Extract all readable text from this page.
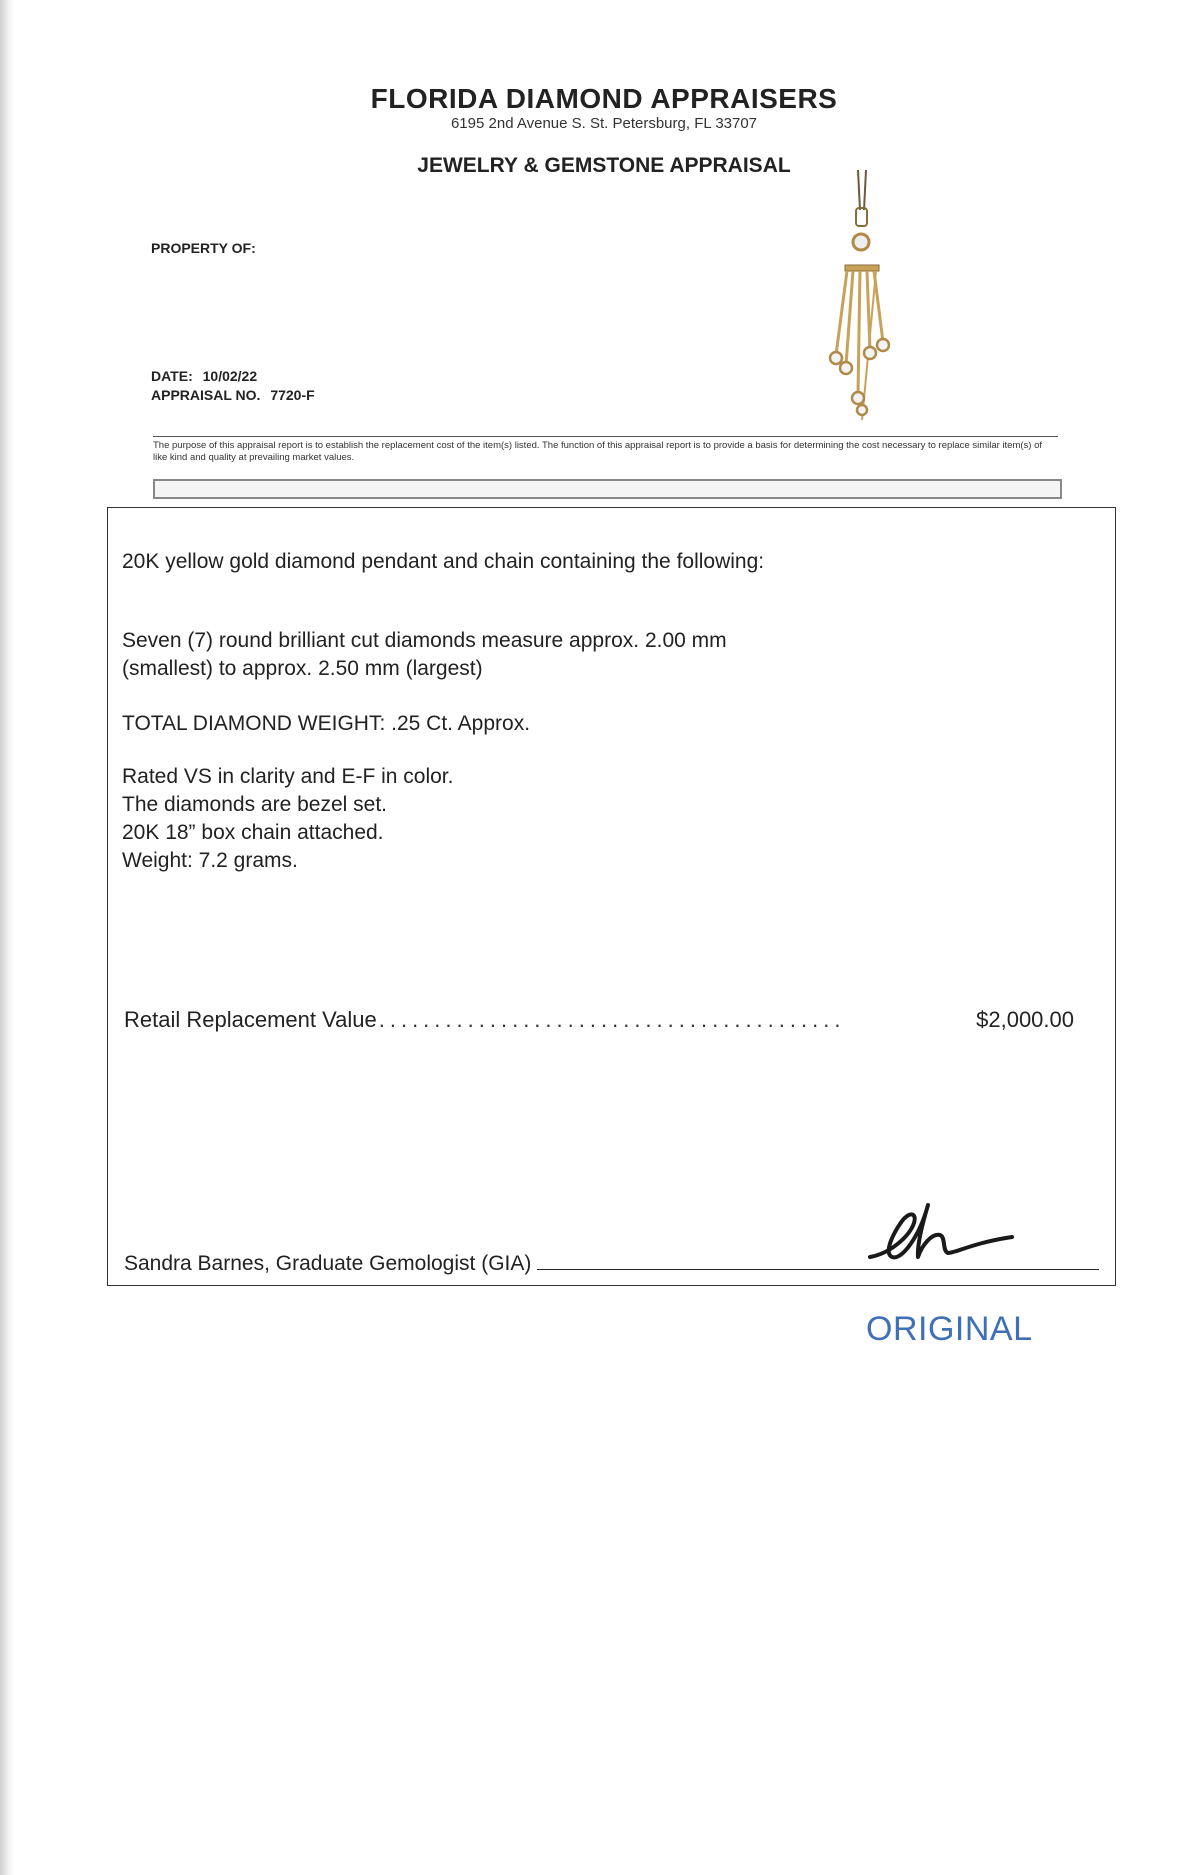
FLORIDA DIAMOND APPRAISERS
6195 2nd Avenue S. St. Petersburg, FL 33707
JEWELRY & GEMSTONE APPRAISAL
PROPERTY OF:
DATE: 10/02/22
APPRAISAL NO. 7720-F
The purpose of this appraisal report is to establish the replacement cost of the item(s) listed. The function of this appraisal report is to provide a basis for determining the cost necessary to replace similar item(s) of like kind and quality at prevailing market values.
20K yellow gold diamond pendant and chain containing the following:
Seven (7) round brilliant cut diamonds measure approx. 2.00 mm
(smallest) to approx. 2.50 mm (largest)
TOTAL DIAMOND WEIGHT: .25 Ct. Approx.
Rated VS in clarity and E-F in color.
The diamonds are bezel set.
20K 18” box chain attached.
Weight: 7.2 grams.
Retail Replacement Value ..........................................	$2,000.00
Sandra Barnes, Graduate Gemologist (GIA)
ORIGINAL
